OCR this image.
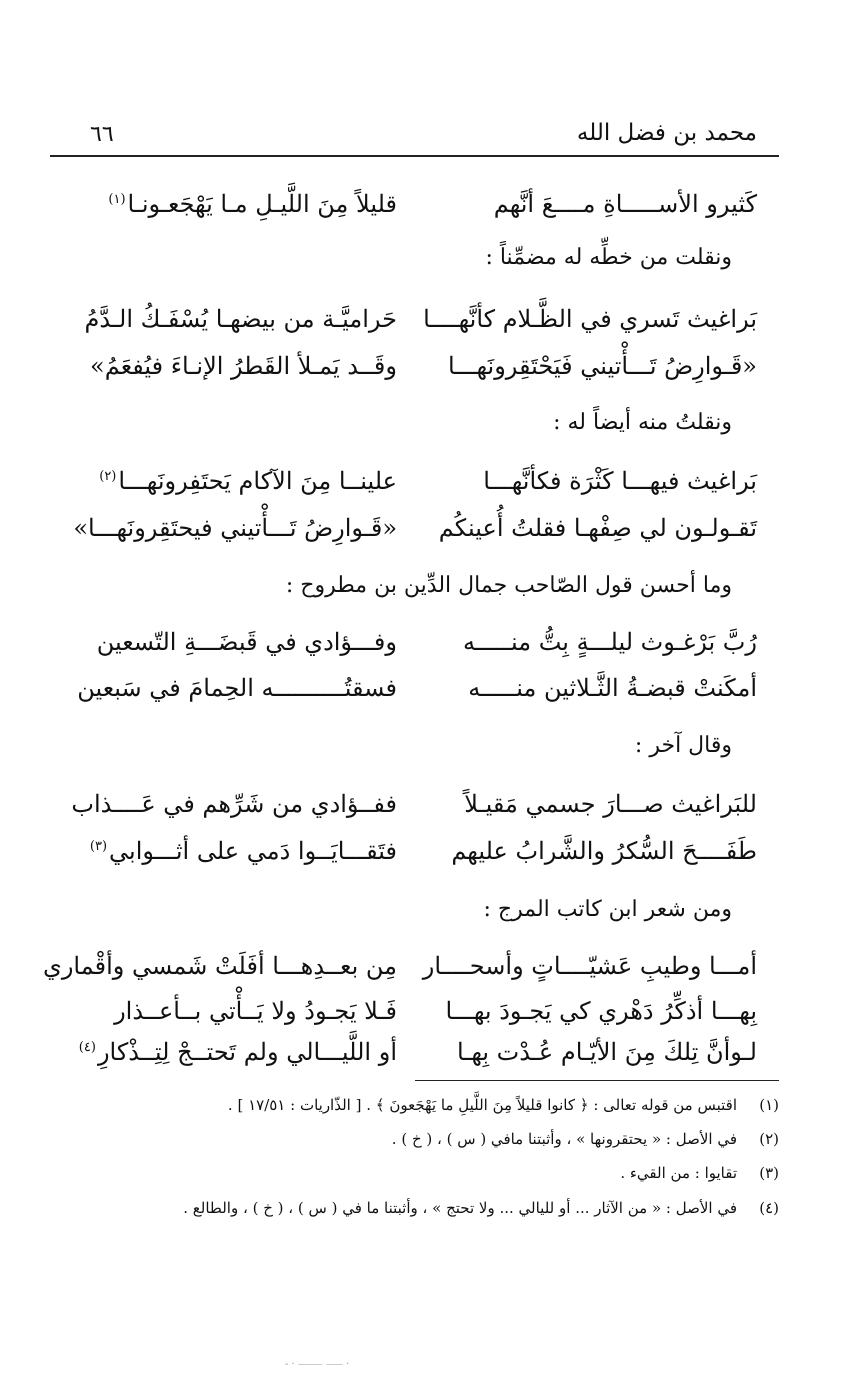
محمد بن فضل الله
٦٦
كَثيرو الأســـــاةِ مــــعَ أنَّهم
قليلاً مِنَ اللَّيـلِ مـا يَهْجَعـونـا$^{(١)}$
ونقلت من خطِّه له مضمِّناً :
بَراغيث تَسري في الظَّـلام كأنَّهــــا
حَراميَّـة من بيضهـا يُسْفَـكُ الـدَّمُ
«قَـوارِضُ تَـــأْتيني فَيَحْتَقِرونَهـــا
وقَــد يَمـلأ القَطرُ الإنـاءَ فيُفعَمُ»
ونقلتُ منه أيضاً له :
بَراغيث فيهـــا كَثْرَة فكأنَّهـــا
علينــا مِنَ الآكام يَحتَفِرونَهـــا$^{(٢)}$
تَقـولـون لي صِفْهـا فقلتُ أُعينكُم
«قَـوارِضُ تَـــأْتيني فيحتَقِرونَهـــا»
وما أحسن قول الصّاحب جمال الدِّين بن مطروح :
رُبَّ بَرْغـوث ليلـــةٍ بِتُّ منـــــه
وفـــؤادي في قَبضَـــةِ التّسعين
أمكَنتْ قبضـةُ الثَّـلاثين منـــــه
فسقتُــــــــــه الحِمامَ في سَبعين
وقال آخر :
للبَراغيث صـــارَ جسمي مَقيـلاً
ففــؤادي من شَرِّهم في عَــــذاب
طَفَــــحَ السُّكرُ والشَّرابُ عليهم
فتَقـــايَــوا دَمي على أثـــوابي$^{(٣)}$
ومن شعر ابن كاتب المرج :
أمـــا وطيبِ عَشيّــــاتٍ وأسحــــار
مِن بعــدِهـــا أفَلَتْ شَمسي وأقْماري
بِهـــا أذكِّرُ دَهْري كي يَجـودَ بهـــا
فَـلا يَجـودُ ولا يَــأْتي بــأعــذار
لـوأنَّ تِلكَ مِنَ الأيّـام عُـدْت بِهـا
أو اللَّيـــالي ولم تَحتــجْ لِتِــذْكارِ$^{(٤)}$
(١)اقتبس من قوله تعالى : ﴿ كانوا قليلاً مِنَ اللَّيلِ ما يَهْجَعونَ ﴾ . [ الذّاريات : ١٧/٥١ ] .
(٢)في الأصل : « يحتقرونها » ، وأثبتنا مافي ( س ) ، ( خ ) .
(٣)تقايوا : من القيء .
(٤)في الأصل : « من الآثار ... أو لليالي ... ولا تحتج » ، وأثبتنا ما في ( س ) ، ( خ ) ، والطالع .
- · ⸻ ⸺ ·
